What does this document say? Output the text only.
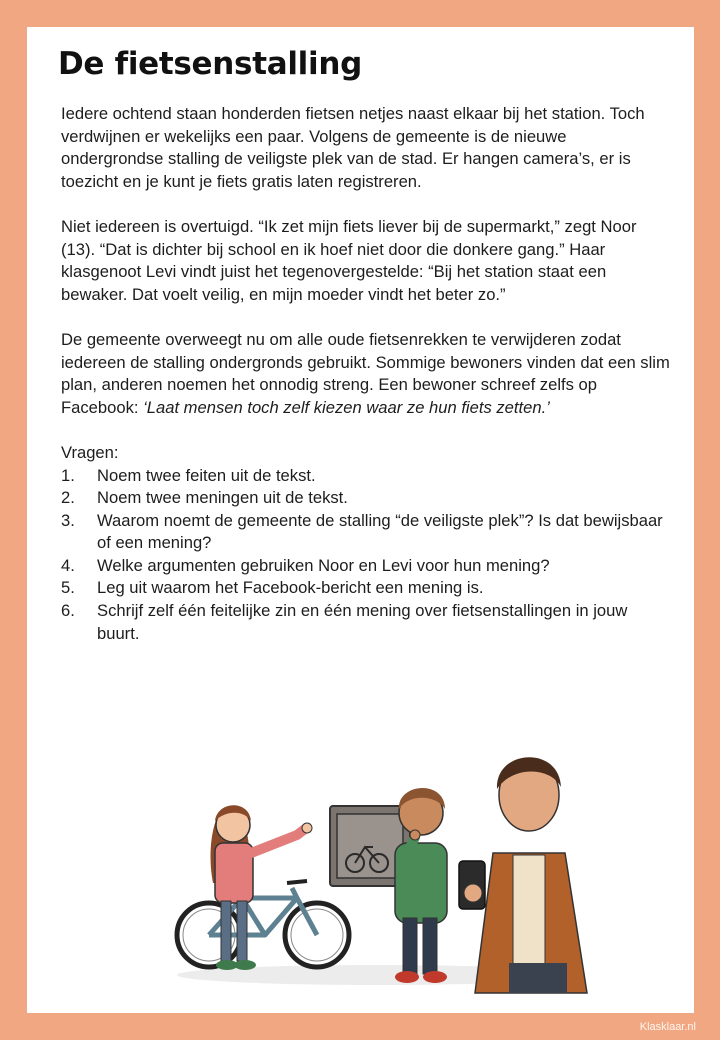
De fietsenstalling

Iedere ochtend staan honderden fietsen netjes naast elkaar bij het station. Toch verdwijnen er wekelijks een paar. Volgens de gemeente is de nieuwe ondergrondse stalling de veiligste plek van de stad. Er hangen camera’s, er is toezicht en je kunt je fiets gratis laten registreren.

Niet iedereen is overtuigd. “Ik zet mijn fiets liever bij de supermarkt,” zegt Noor (13). “Dat is dichter bij school en ik hoef niet door die donkere gang.” Haar klasgenoot Levi vindt juist het tegenovergestelde: “Bij het station staat een bewaker. Dat voelt veilig, en mijn moeder vindt het beter zo.”

De gemeente overweegt nu om alle oude fietsenrekken te verwijderen zodat iedereen de stalling ondergronds gebruikt. Sommige bewoners vinden dat een slim plan, anderen noemen het onnodig streng. Een bewoner schreef zelfs op Facebook: ‘Laat mensen toch zelf kiezen waar ze hun fiets zetten.’

Vragen:

1.	Noem twee feiten uit de tekst.
2.	Noem twee meningen uit de tekst.
3.	Waarom noemt de gemeente de stalling “de veiligste plek”? Is dat bewijsbaar of een mening?
4.	Welke argumenten gebruiken Noor en Levi voor hun mening?
5.	Leg uit waarom het Facebook-bericht een mening is.
6.	Schrijf zelf één feitelijke zin en één mening over fietsenstallingen in jouw buurt.
Klasklaar.nl
